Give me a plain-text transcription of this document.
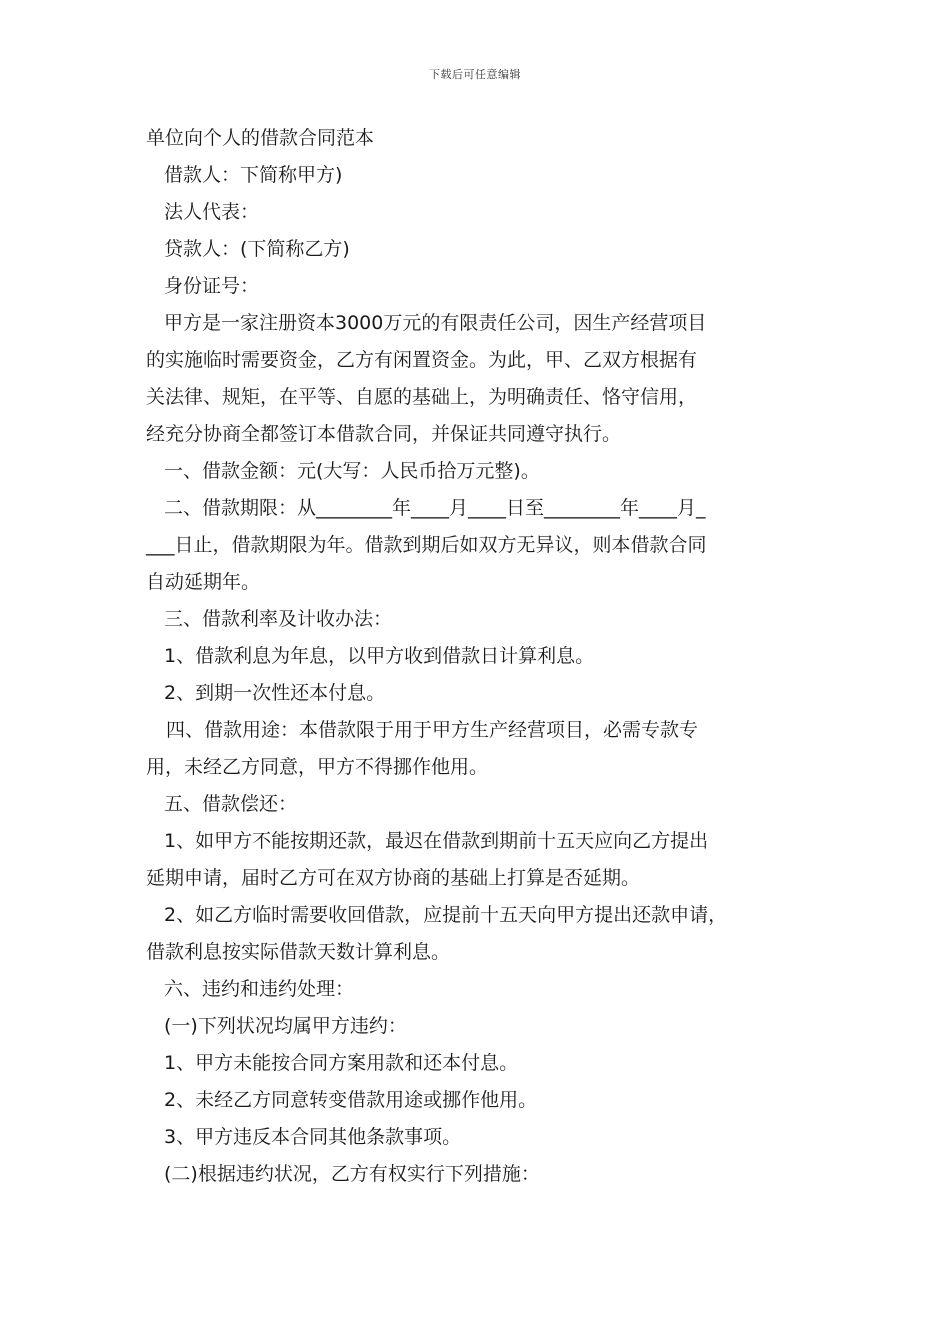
下载后可任意编辑
单位向个人的借款合同范本
借款人：下简称甲方)
法人代表：
贷款人：(下简称乙方)
身份证号：
甲方是一家注册资本3000万元的有限责任公司，因生产经营项目
的实施临时需要资金，乙方有闲置资金。为此，甲、乙双方根据有
关法律、规矩，在平等、自愿的基础上，为明确责任、恪守信用，
经充分协商全都签订本借款合同，并保证共同遵守执行。
一、借款金额：元(大写：人民币拾万元整)。
二、借款期限：从________年____月____日至________年____月_
___日止，借款期限为年。借款到期后如双方无异议，则本借款合同
自动延期年。
三、借款利率及计收办法：
1、借款利息为年息，以甲方收到借款日计算利息。
2、到期一次性还本付息。
四、借款用途：本借款限于用于甲方生产经营项目，必需专款专
用，未经乙方同意，甲方不得挪作他用。
五、借款偿还：
1、如甲方不能按期还款，最迟在借款到期前十五天应向乙方提出
延期申请，届时乙方可在双方协商的基础上打算是否延期。
2、如乙方临时需要收回借款，应提前十五天向甲方提出还款申请，
借款利息按实际借款天数计算利息。
六、违约和违约处理：
(一)下列状况均属甲方违约：
1、甲方未能按合同方案用款和还本付息。
2、未经乙方同意转变借款用途或挪作他用。
3、甲方违反本合同其他条款事项。
(二)根据违约状况，乙方有权实行下列措施：
